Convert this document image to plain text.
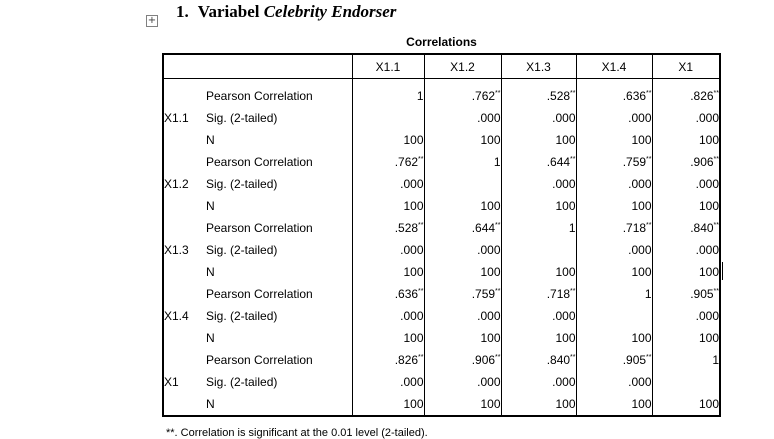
+ 1. Variabel Celebrity Endorser
Correlations
		X1.1	X1.2	X1.3	X1.4	X1
	Pearson Correlation	1	.762**	.528**	.636**	.826**
X1.1	Sig. (2-tailed)		.000	.000	.000	.000
	N	100	100	100	100	100
	Pearson Correlation	.762**	1	.644**	.759**	.906**
X1.2	Sig. (2-tailed)	.000		.000	.000	.000
	N	100	100	100	100	100
	Pearson Correlation	.528**	.644**	1	.718**	.840**
X1.3	Sig. (2-tailed)	.000	.000		.000	.000
	N	100	100	100	100	100
	Pearson Correlation	.636**	.759**	.718**	1	.905**
X1.4	Sig. (2-tailed)	.000	.000	.000		.000
	N	100	100	100	100	100
	Pearson Correlation	.826**	.906**	.840**	.905**	1
X1	Sig. (2-tailed)	.000	.000	.000	.000	
	N	100	100	100	100	100
**. Correlation is significant at the 0.01 level (2-tailed).
